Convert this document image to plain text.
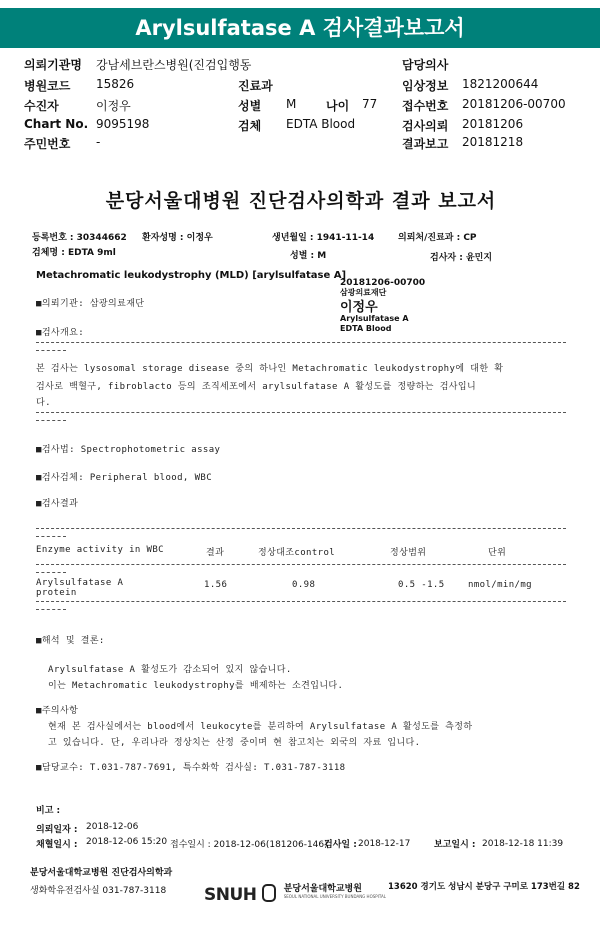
Arylsulfatase A 검사결과보고서
의뢰기관명 강남세브란스병원(진검입행동	담당의사
병원코드 15826	진료과	임상정보 1821200644
수진자	이정우	성별 M 나이 77 접수번호 20181206-00700
Chart No. 9095198	검체 EDTA Blood	검사의뢰 20181206
주민번호 -	결과보고 20181218
분당서울대병원 진단검사의학과 결과 보고서
등록번호 : 30344662 환자성명 : 이정우	생년월일 : 1941-11-14	의뢰처/진료과 : CP
검체명 : EDTA 9ml	성별 : M	검사자 : 윤민지
Metachromatic leukodystrophy (MLD) [arylsulfatase A]
20181206-00700
삼광의료재단
이정우
Arylsulfatase A
EDTA Blood
■의뢰기관: 삼광의료재단
■검사개요:
본 검사는 lysosomal storage disease 중의 하나인 Metachromatic leukodystrophy에 대한 확
검사로 백혈구, fibroblacto 등의 조직세포에서 arylsulfatase A 활성도를 정량하는 검사입니
다.
■검사법: Spectrophotometric assay
■검사검체: Peripheral blood, WBC
■검사결과
Enzyme activity in WBC	결과	정상대조control	정상범위	단위
Arylsulfatase A
protein
1.56	0.98	0.5 -1.5	nmol/min/mg
■해석 및 결론:
Arylsulfatase A 활성도가 감소되어 있지 않습니다.
이는 Metachromatic leukodystrophy를 배제하는 소견입니다.
■주의사항
현재 본 검사실에서는 blood에서 leukocyte를 분리하여 Arylsulfatase A 활성도를 측정하
고 있습니다. 단, 우리나라 정상치는 산정 중이며 현 참고치는 외국의 자료 입니다.
■담당교수: T.031-787-7691, 특수화학 검사실: T.031-787-3118
비고 :
의뢰일자 : 2018-12-06
채혈일시 : 2018-12-06 15:20 접수일시 : 2018-12-06(181206-146)
검사일 : 2018-12-17	보고일시 : 2018-12-18 11:39
분당서울대학교병원 진단검사의학과
생화학유전검사실 031-787-3118 SNUH	분당서울대학교병원
SEOUL NATIONAL UNIVERSITY BUNDANG HOSPITAL
13620 경기도 성남시 분당구 구미로 173번길 82
